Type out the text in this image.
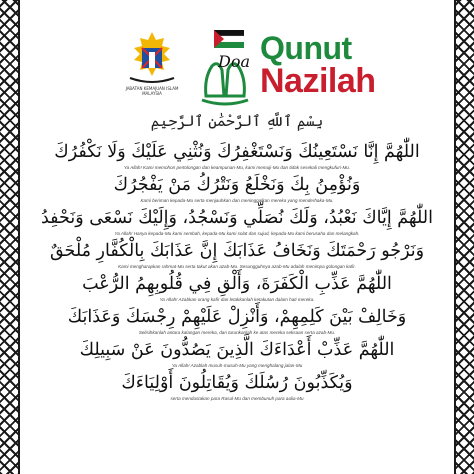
JABATAN KEMAJUAN ISLAM MALAYSIA
Doa Qunut
Nazilah
بِسْمِ ٱللَّهِ ٱلرَّحْمَٰنِ ٱلرَّحِيمِ
اللّٰهُمَّ إِنَّا نَسْتَعِينُكَ وَنَسْتَغْفِرُكَ وَنُثْنِي عَلَيْكَ وَلَا نَكْفُرُكَ
Ya Allah! Kami memohon pertolongan dan keampunan-Mu, kami memuji-Mu dan tidak sesekali mengkufuri-Mu.
وَنُؤْمِنُ بِكَ وَنَخْلَعُ وَنَتْرُكُ مَنْ يَفْجُرُكَ
Kami beriman kepada-Mu serta menjauhkan dan meninggalkan mereka yang menderhaka-Mu.
اللّٰهُمَّ إِيَّاكَ نَعْبُدُ، وَلَكَ نُصَلِّي وَنَسْجُدُ، وَإِلَيْكَ نَسْعَى وَنَحْفِدُ
Ya Allah! Hanya kepada-Mu kami sembah, kepada-Mu kami solat dan sujud, kepada-Mu kami berusaha dan melangkah.
وَنَرْجُو رَحْمَتَكَ وَنَخَافُ عَذَابَكَ إِنَّ عَذَابَكَ بِالْكُفَّارِ مُلْحَقٌ
Kami mengharapkan rahmat-Mu serta takut akan azab-Mu. Sesungguhnya azab-Mu adalah menimpa golongan kafir.
اللّٰهُمَّ عَذِّبِ الْكَفَرَةَ، وَأَلْقِ فِي قُلُوبِهِمُ الرُّعْبَ
Ya Allah! Azabkan orang kafir dan letakkanlah ketakutan dalam hati mereka.
وَخَالِفْ بَيْنَ كَلِمِهِمْ، وَأَنْزِلْ عَلَيْهِمْ رِجْسَكَ وَعَذَابَكَ
Selisihkanlah antara kalangan mereka, dan turunkanlah ke atas mereka seksaan serta azab-Mu.
اللّٰهُمَّ عَذِّبْ أَعْدَاءَكَ الَّذِينَ يَصُدُّونَ عَنْ سَبِيلِكَ
Ya Allah! Azablah musuh-musuh-Mu yang menghalang jalan-Mu
وَيُكَذِّبُونَ رُسُلَكَ وَيُقَاتِلُونَ أَوْلِيَاءَكَ
serta mendustakan para Rasul-Mu dan membunuh para aulia-Mu
